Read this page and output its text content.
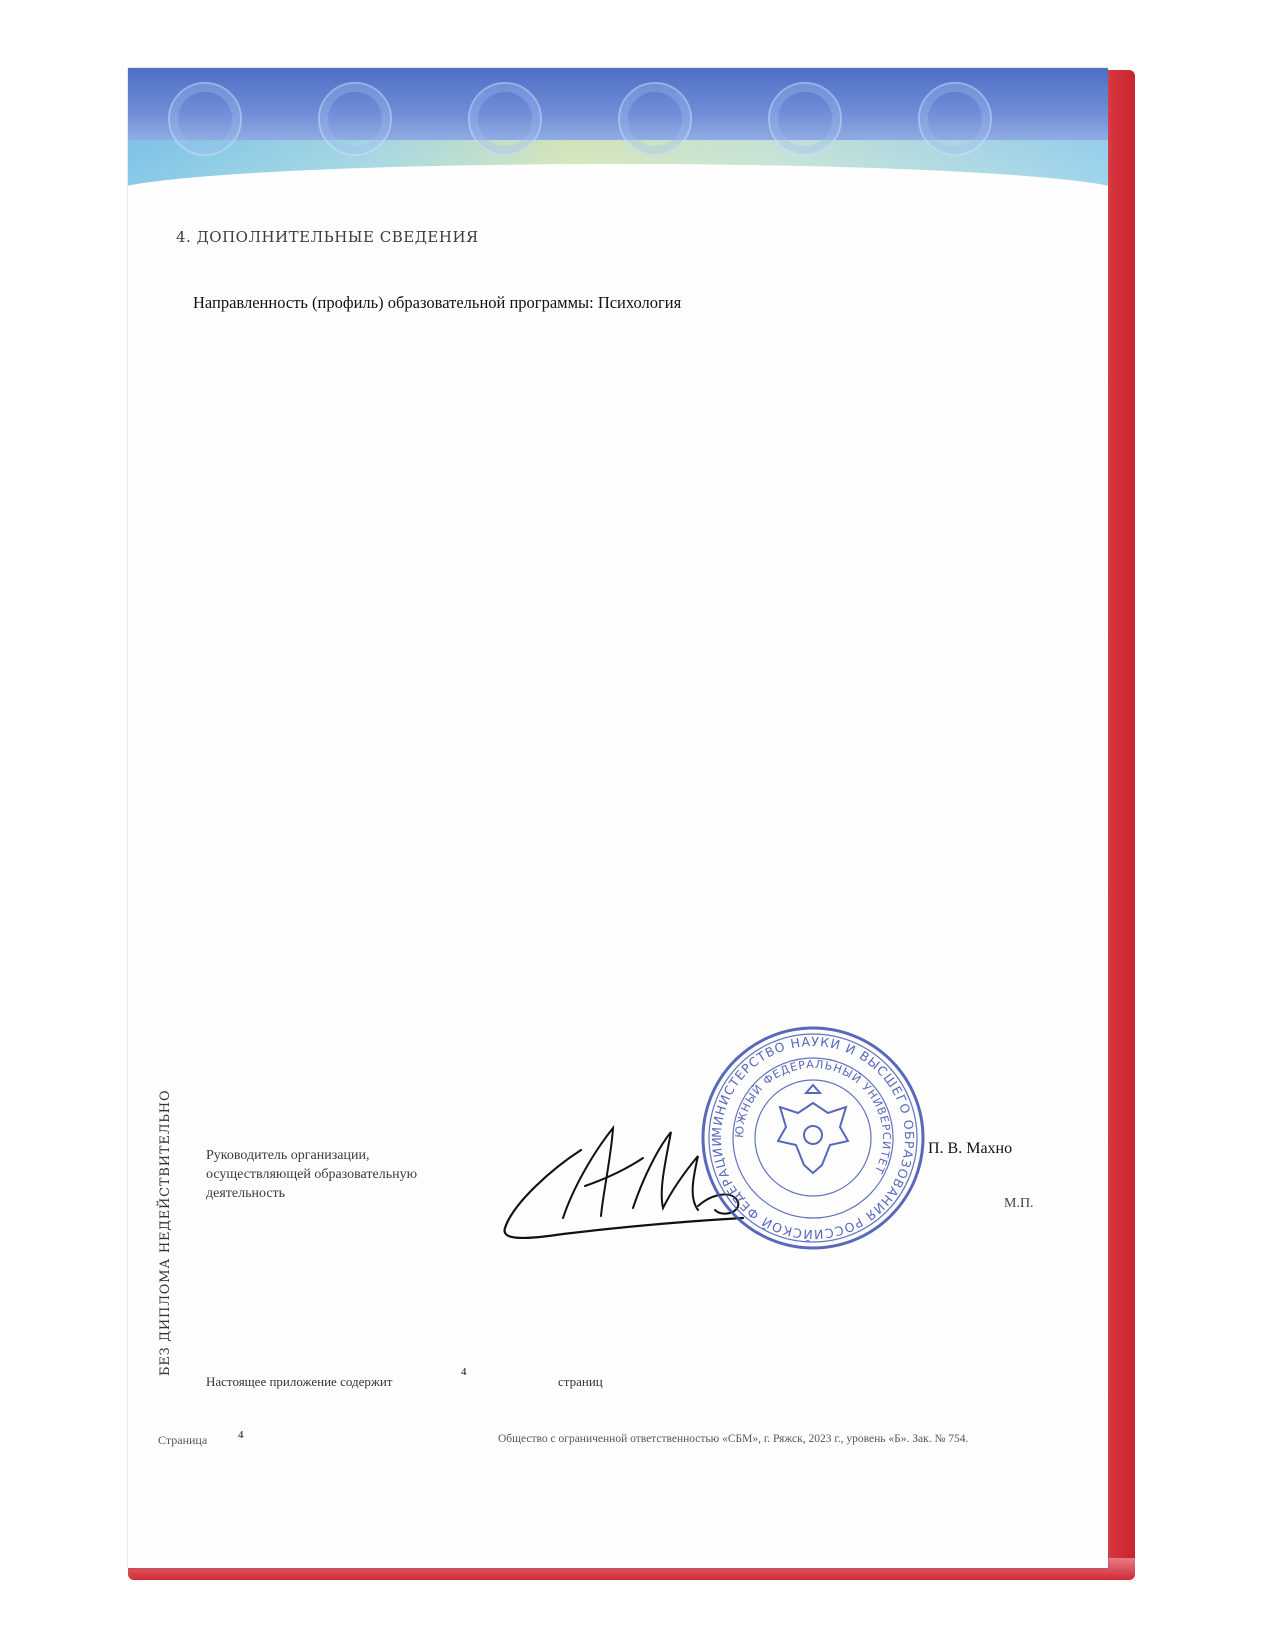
4. ДОПОЛНИТЕЛЬНЫЕ СВЕДЕНИЯ
Направленность (профиль) образовательной программы: Психология
БЕЗ ДИПЛОМА НЕДЕЙСТВИТЕЛЬНО Руководитель организации,
осуществляющей образовательную
деятельность
МИНИСТЕРСТВО НАУКИ И ВЫСШЕГО ОБРАЗОВАНИЯ РОССИЙСКОЙ ФЕДЕРАЦИИ
ЮЖНЫЙ ФЕДЕРАЛЬНЫЙ УНИВЕРСИТЕТ
П. В. Махно
М.П.
Настоящее приложение содержит
4
страниц
Страница	4	Общество с ограниченной ответственностью «СБМ», г. Ряжск, 2023 г., уровень «Б». Зак. № 754.
